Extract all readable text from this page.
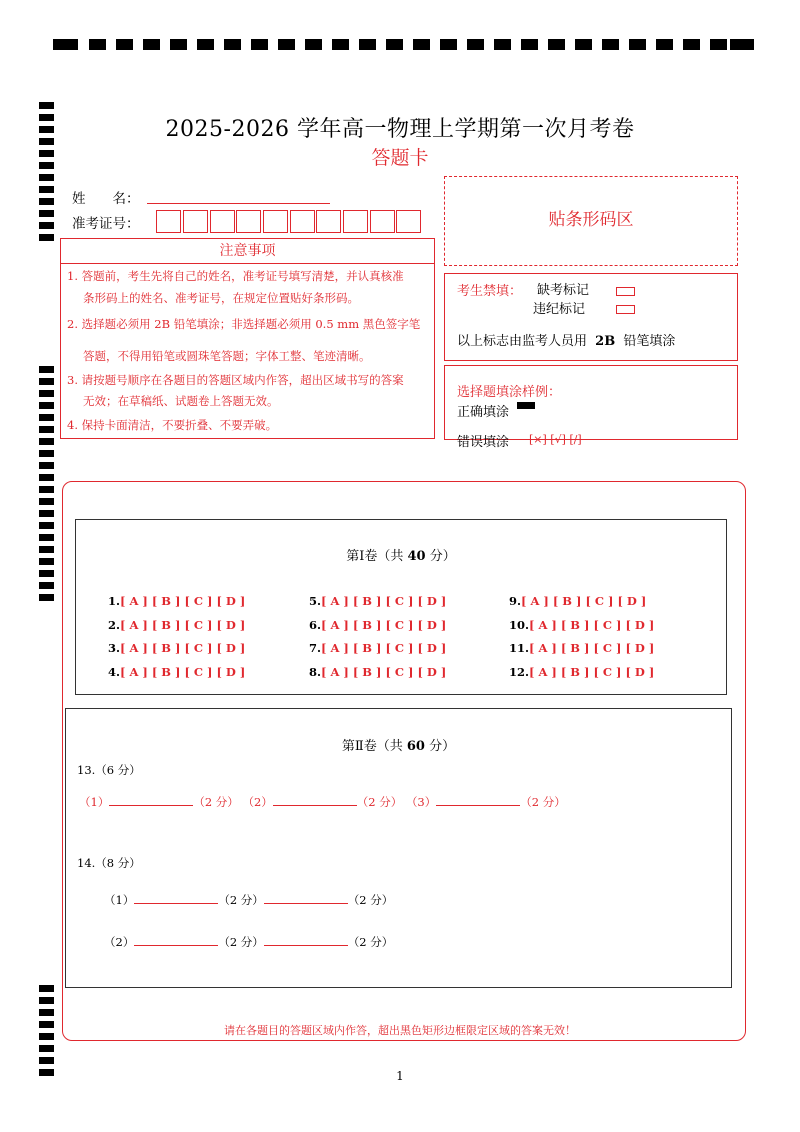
2025-2026 学年高一物理上学期第一次月考卷
答题卡
姓　　名：
准考证号：
注意事项
1. 答题前，考生先将自己的姓名，准考证号填写清楚，并认真核准
条形码上的姓名、准考证号，在规定位置贴好条形码。
2. 选择题必须用 2B 铅笔填涂；非选择题必须用 0.5 mm 黑色签字笔
答题，不得用铅笔或圆珠笔答题；字体工整、笔迹清晰。
3. 请按题号顺序在各题目的答题区域内作答，超出区域书写的答案
无效；在草稿纸、试题卷上答题无效。
4. 保持卡面清洁，不要折叠、不要弄破。
贴条形码区
考生禁填： 缺考标记
违纪标记
以上标志由监考人员用 2B 铅笔填涂
选择题填涂样例：
正确填涂
错误填涂 [×] [√] [/]
第Ⅰ卷（共 40 分）
1.[ A ] [ B ] [ C ] [ D ]
2.[ A ] [ B ] [ C ] [ D ]
3.[ A ] [ B ] [ C ] [ D ]
4.[ A ] [ B ] [ C ] [ D ]
5.[ A ] [ B ] [ C ] [ D ]
6.[ A ] [ B ] [ C ] [ D ]
7.[ A ] [ B ] [ C ] [ D ]
8.[ A ] [ B ] [ C ] [ D ]
9.[ A ] [ B ] [ C ] [ D ]
10.[ A ] [ B ] [ C ] [ D ]
11.[ A ] [ B ] [ C ] [ D ]
12.[ A ] [ B ] [ C ] [ D ]
第Ⅱ卷（共 60 分）
13.（6 分）
（1）	（2 分） （2）	（2 分） （3）	（2 分）
14.（8 分）
（1）	（2 分）	（2 分）
（2）	（2 分）	（2 分）
请在各题目的答题区域内作答，超出黑色矩形边框限定区域的答案无效！
1
